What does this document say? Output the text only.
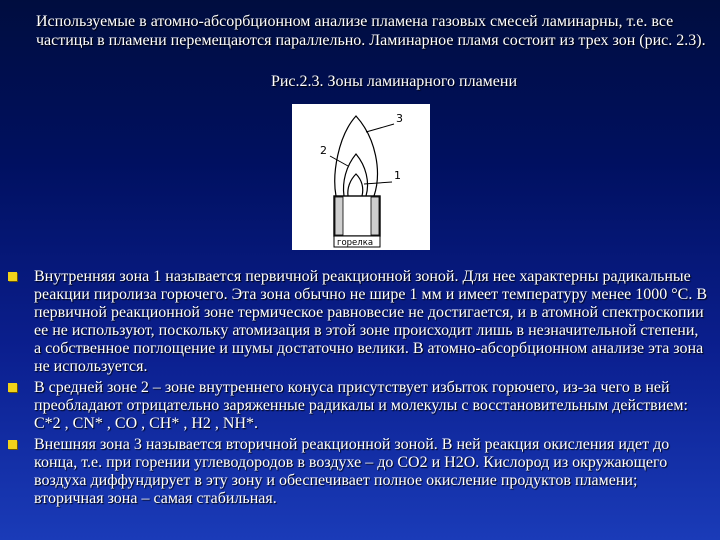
Используемые в атомно-абсорбционном анализе пламена газовых смесей ламинарны, т.е. все частицы в пламени перемещаются параллельно. Ламинарное пламя состоит из трех зон (рис. 2.3).
Рис.2.3. Зоны ламинарного пламени
3
2
1
горелка
Внутренняя зона 1 называется первичной реакционной зоной. Для нее характерны радикальные реакции пиролиза горючего. Эта зона обычно не шире 1 мм и имеет температуру менее 1000 °С. В первичной реакционной зоне термическое равновесие не достигается, и в атомной спектроскопии ее не используют, поскольку атомизация в этой зоне происходит лишь в незначительной степени, а собственное поглощение и шумы достаточно велики. В атомно-абсорбционном анализе эта зона не используется.
В средней зоне 2 – зоне внутреннего конуса присутствует избыток горючего, из-за чего в ней преобладают отрицательно заряженные радикалы и молекулы с восстановительным действием: С*2 , CN* , СО , СН* , H2 , NH*.
Внешняя зона 3 называется вторичной реакционной зоной. В ней реакция окисления идет до конца, т.е. при горении углеводородов в воздухе – до СО2 и Н2О. Кислород из окружающего воздуха диффундирует в эту зону и обеспечивает полное окисление продуктов пламени; вторичная зона – самая стабильная.
